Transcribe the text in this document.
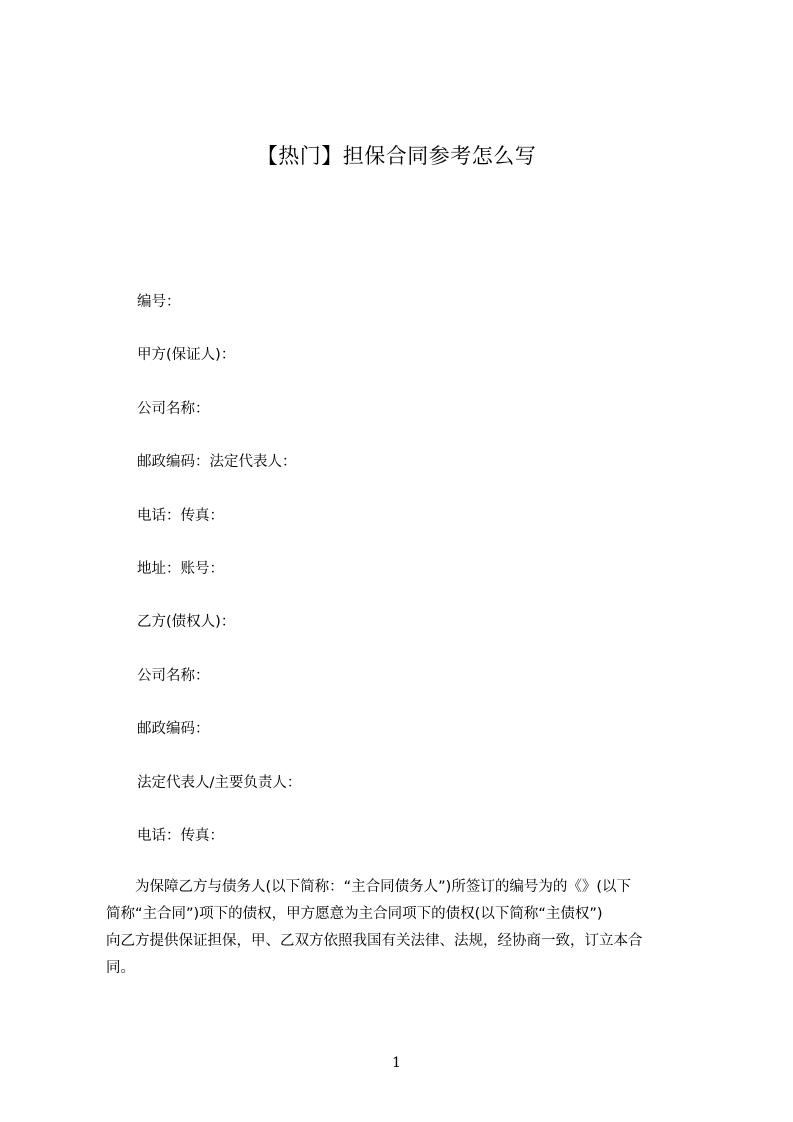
【热门】担保合同参考怎么写
编号：
甲方(保证人)：
公司名称：
邮政编码：法定代表人：
电话：传真：
地址：账号：
乙方(债权人)：
公司名称：
邮政编码：
法定代表人/主要负责人：
电话：传真：
　　为保障乙方与债务人(以下简称：“主合同债务人”)所签订的编号为的《》(以下
简称“主合同”)项下的债权，甲方愿意为主合同项下的债权(以下简称“主债权”)
向乙方提供保证担保，甲、乙双方依照我国有关法律、法规，经协商一致，订立本合
同。
1
